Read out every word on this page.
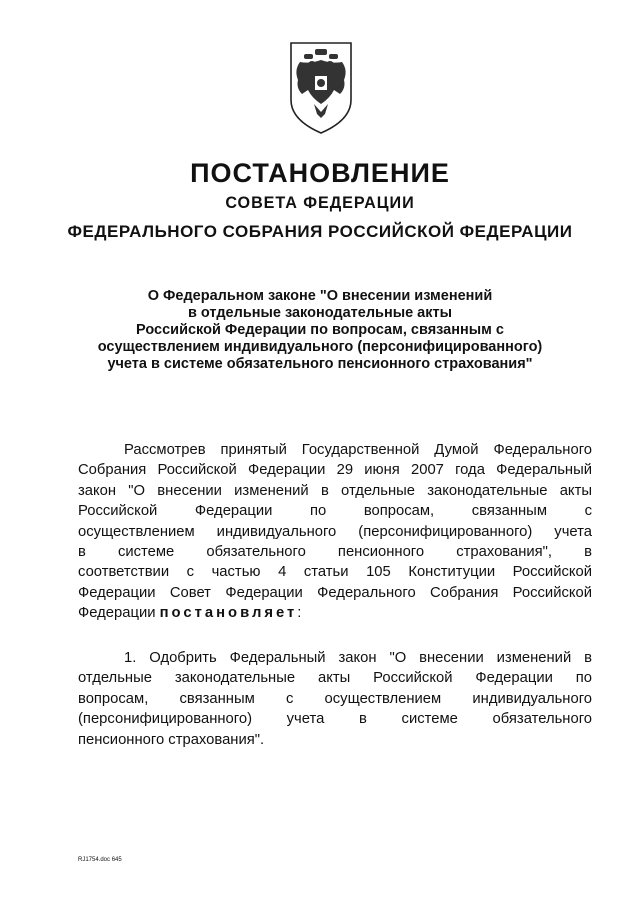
ПОСТАНОВЛЕНИЕ
СОВЕТА ФЕДЕРАЦИИ
ФЕДЕРАЛЬНОГО СОБРАНИЯ РОССИЙСКОЙ ФЕДЕРАЦИИ
О Федеральном законе "О внесении изменений
в отдельные законодательные акты
Российской Федерации по вопросам, связанным с
осуществлением индивидуального (персонифицированного)
учета в системе обязательного пенсионного страхования"
Рассмотрев принятый Государственной Думой Федерального
Собрания Российской Федерации 29 июня 2007 года Федеральный
закон "О внесении изменений в отдельные законодательные акты
Российской Федерации по вопросам, связанным с
осуществлением индивидуального (персонифицированного) учета
в системе обязательного пенсионного страхования", в
соответствии с частью 4 статьи 105 Конституции Российской
Федерации Совет Федерации Федерального Собрания Российской
Федерации постановляет:
1. Одобрить Федеральный закон "О внесении изменений в
отдельные законодательные акты Российской Федерации по
вопросам, связанным с осуществлением индивидуального
(персонифицированного) учета в системе обязательного
пенсионного страхования".
RJ1754.doc 645
